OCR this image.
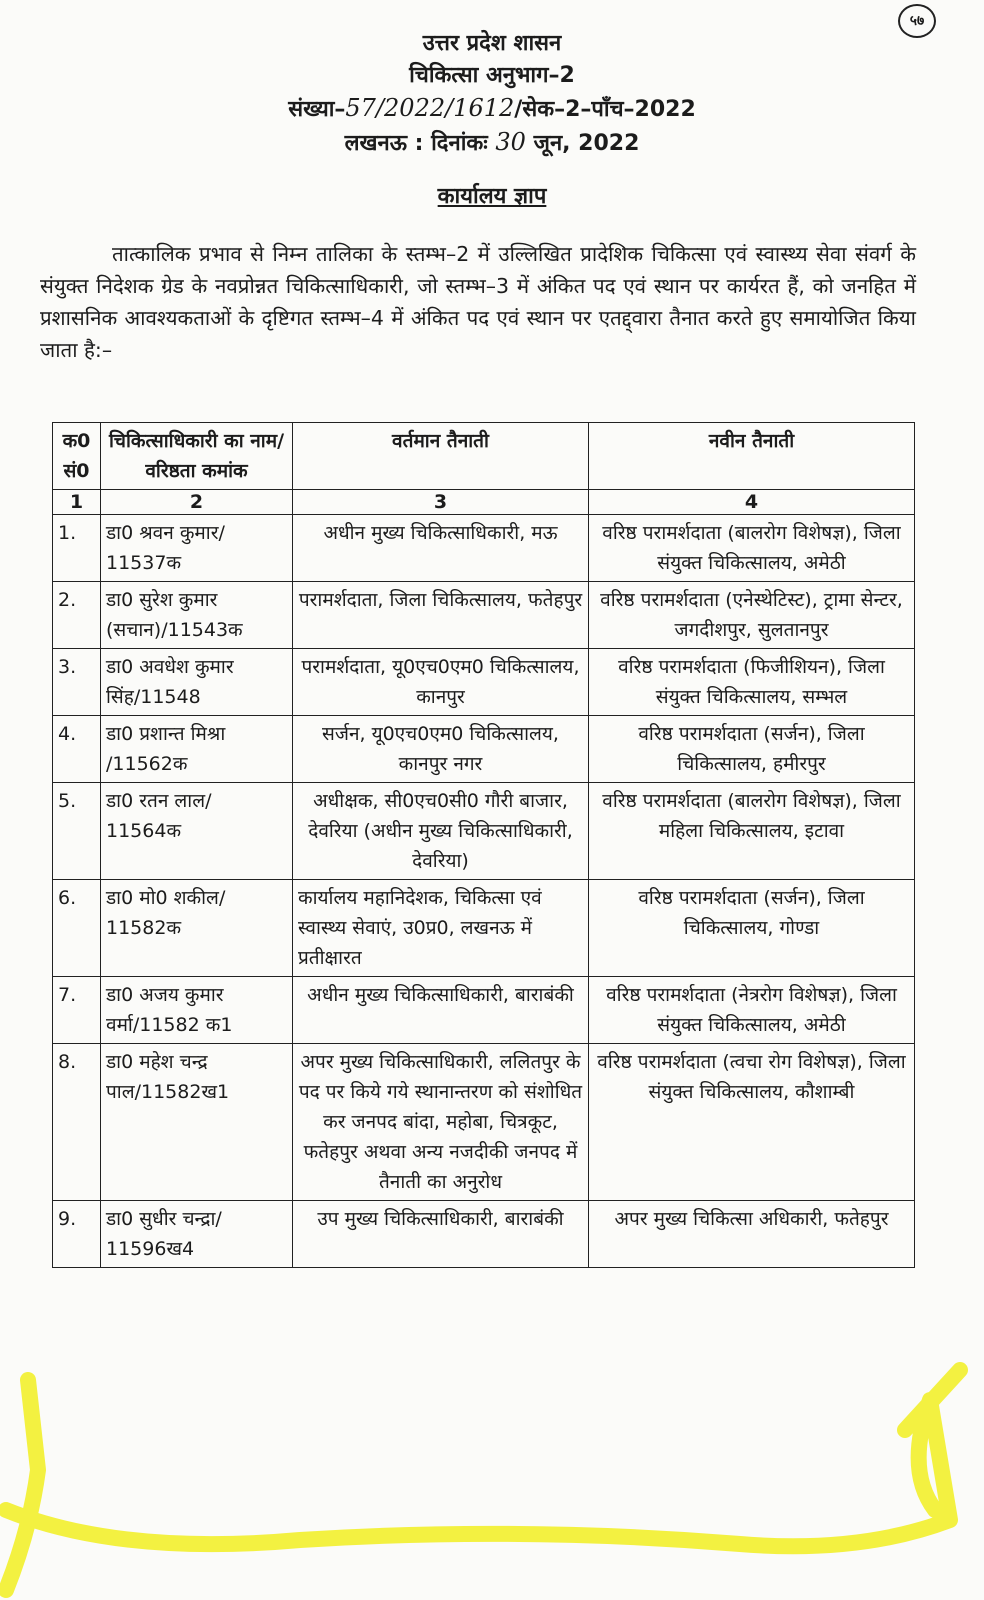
५७
उत्तर प्रदेश शासन
चिकित्सा अनुभाग–2
संख्या–57/2022/1612/सेक–2–पाँच–2022
लखनऊ : दिनांकः 30 जून, 2022
कार्यालय ज्ञाप
तात्कालिक प्रभाव से निम्न तालिका के स्तम्भ–2 में उल्लिखित प्रादेशिक चिकित्सा एवं स्वास्थ्य सेवा संवर्ग के संयुक्त निदेशक ग्रेड के नवप्रोन्नत चिकित्साधिकारी, जो स्तम्भ–3 में अंकित पद एवं स्थान पर कार्यरत हैं, को जनहित में प्रशासनिक आवश्यकताओं के दृष्टिगत स्तम्भ–4 में अंकित पद एवं स्थान पर एतद्द्वारा तैनात करते हुए समायोजित किया जाता है:–
क0 सं0	चिकित्साधिकारी का नाम/वरिष्ठता कमांक	वर्तमान तैनाती	नवीन तैनाती
1	2	3	4
1.	डा0 श्रवन कुमार/ 11537क	अधीन मुख्य चिकित्साधिकारी, मऊ	वरिष्ठ परामर्शदाता (बालरोग विशेषज्ञ), जिला संयुक्त चिकित्सालय, अमेठी
2.	डा0 सुरेश कुमार (सचान)/11543क	परामर्शदाता, जिला चिकित्सालय, फतेहपुर	वरिष्ठ परामर्शदाता (एनेस्थेटिस्ट), ट्रामा सेन्टर, जगदीशपुर, सुलतानपुर
3.	डा0 अवधेश कुमार सिंह/11548	परामर्शदाता, यू0एच0एम0 चिकित्सालय, कानपुर	वरिष्ठ परामर्शदाता (फिजीशियन), जिला संयुक्त चिकित्सालय, सम्भल
4.	डा0 प्रशान्त मिश्रा /11562क	सर्जन, यू0एच0एम0 चिकित्सालय, कानपुर नगर	वरिष्ठ परामर्शदाता (सर्जन), जिला चिकित्सालय, हमीरपुर
5.	डा0 रतन लाल/ 11564क	अधीक्षक, सी0एच0सी0 गौरी बाजार, देवरिया (अधीन मुख्य चिकित्साधिकारी, देवरिया)	वरिष्ठ परामर्शदाता (बालरोग विशेषज्ञ), जिला महिला चिकित्सालय, इटावा
6.	डा0 मो0 शकील/ 11582क	कार्यालय महानिदेशक, चिकित्सा एवं स्वास्थ्य सेवाएं, उ0प्र0, लखनऊ में प्रतीक्षारत	वरिष्ठ परामर्शदाता (सर्जन), जिला चिकित्सालय, गोण्डा
7.	डा0 अजय कुमार वर्मा/11582 क1	अधीन मुख्य चिकित्साधिकारी, बाराबंकी	वरिष्ठ परामर्शदाता (नेत्ररोग विशेषज्ञ), जिला संयुक्त चिकित्सालय, अमेठी
8.	डा0 महेश चन्द्र पाल/11582ख1	अपर मुख्य चिकित्साधिकारी, ललितपुर के पद पर किये गये स्थानान्तरण को संशोधित कर जनपद बांदा, महोबा, चित्रकूट, फतेहपुर अथवा अन्य नजदीकी जनपद में तैनाती का अनुरोध	वरिष्ठ परामर्शदाता (त्वचा रोग विशेषज्ञ), जिला संयुक्त चिकित्सालय, कौशाम्बी
9.	डा0 सुधीर चन्द्रा/ 11596ख4	उप मुख्य चिकित्साधिकारी, बाराबंकी	अपर मुख्य चिकित्सा अधिकारी, फतेहपुर
